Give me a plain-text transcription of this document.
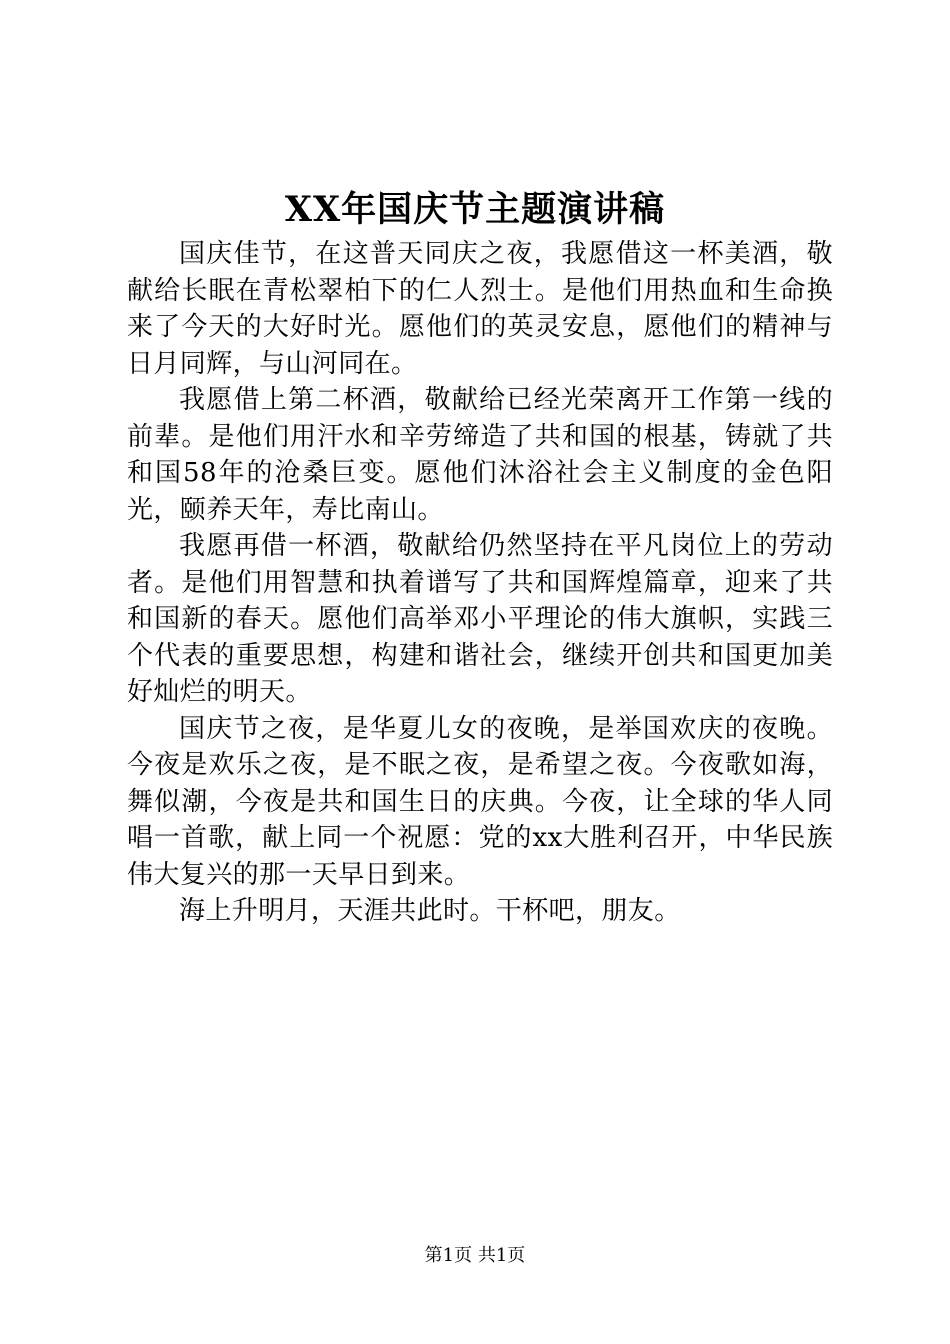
XX年国庆节主题演讲稿

国庆佳节，在这普天同庆之夜，我愿借这一杯美酒，敬献给长眠在青松翠柏下的仁人烈士。是他们用热血和生命换来了今天的大好时光。愿他们的英灵安息，愿他们的精神与日月同辉，与山河同在。

我愿借上第二杯酒，敬献给已经光荣离开工作第一线的前辈。是他们用汗水和辛劳缔造了共和国的根基，铸就了共和国58年的沧桑巨变。愿他们沐浴社会主义制度的金色阳光，颐养天年，寿比南山。

我愿再借一杯酒，敬献给仍然坚持在平凡岗位上的劳动者。是他们用智慧和执着谱写了共和国辉煌篇章，迎来了共和国新的春天。愿他们高举邓小平理论的伟大旗帜，实践三个代表的重要思想，构建和谐社会，继续开创共和国更加美好灿烂的明天。

国庆节之夜，是华夏儿女的夜晚，是举国欢庆的夜晚。今夜是欢乐之夜，是不眠之夜，是希望之夜。今夜歌如海，舞似潮，今夜是共和国生日的庆典。今夜，让全球的华人同唱一首歌，献上同一个祝愿：党的xx大胜利召开，中华民族伟大复兴的那一天早日到来。

海上升明月，天涯共此时。干杯吧，朋友。

第1页 共1页
